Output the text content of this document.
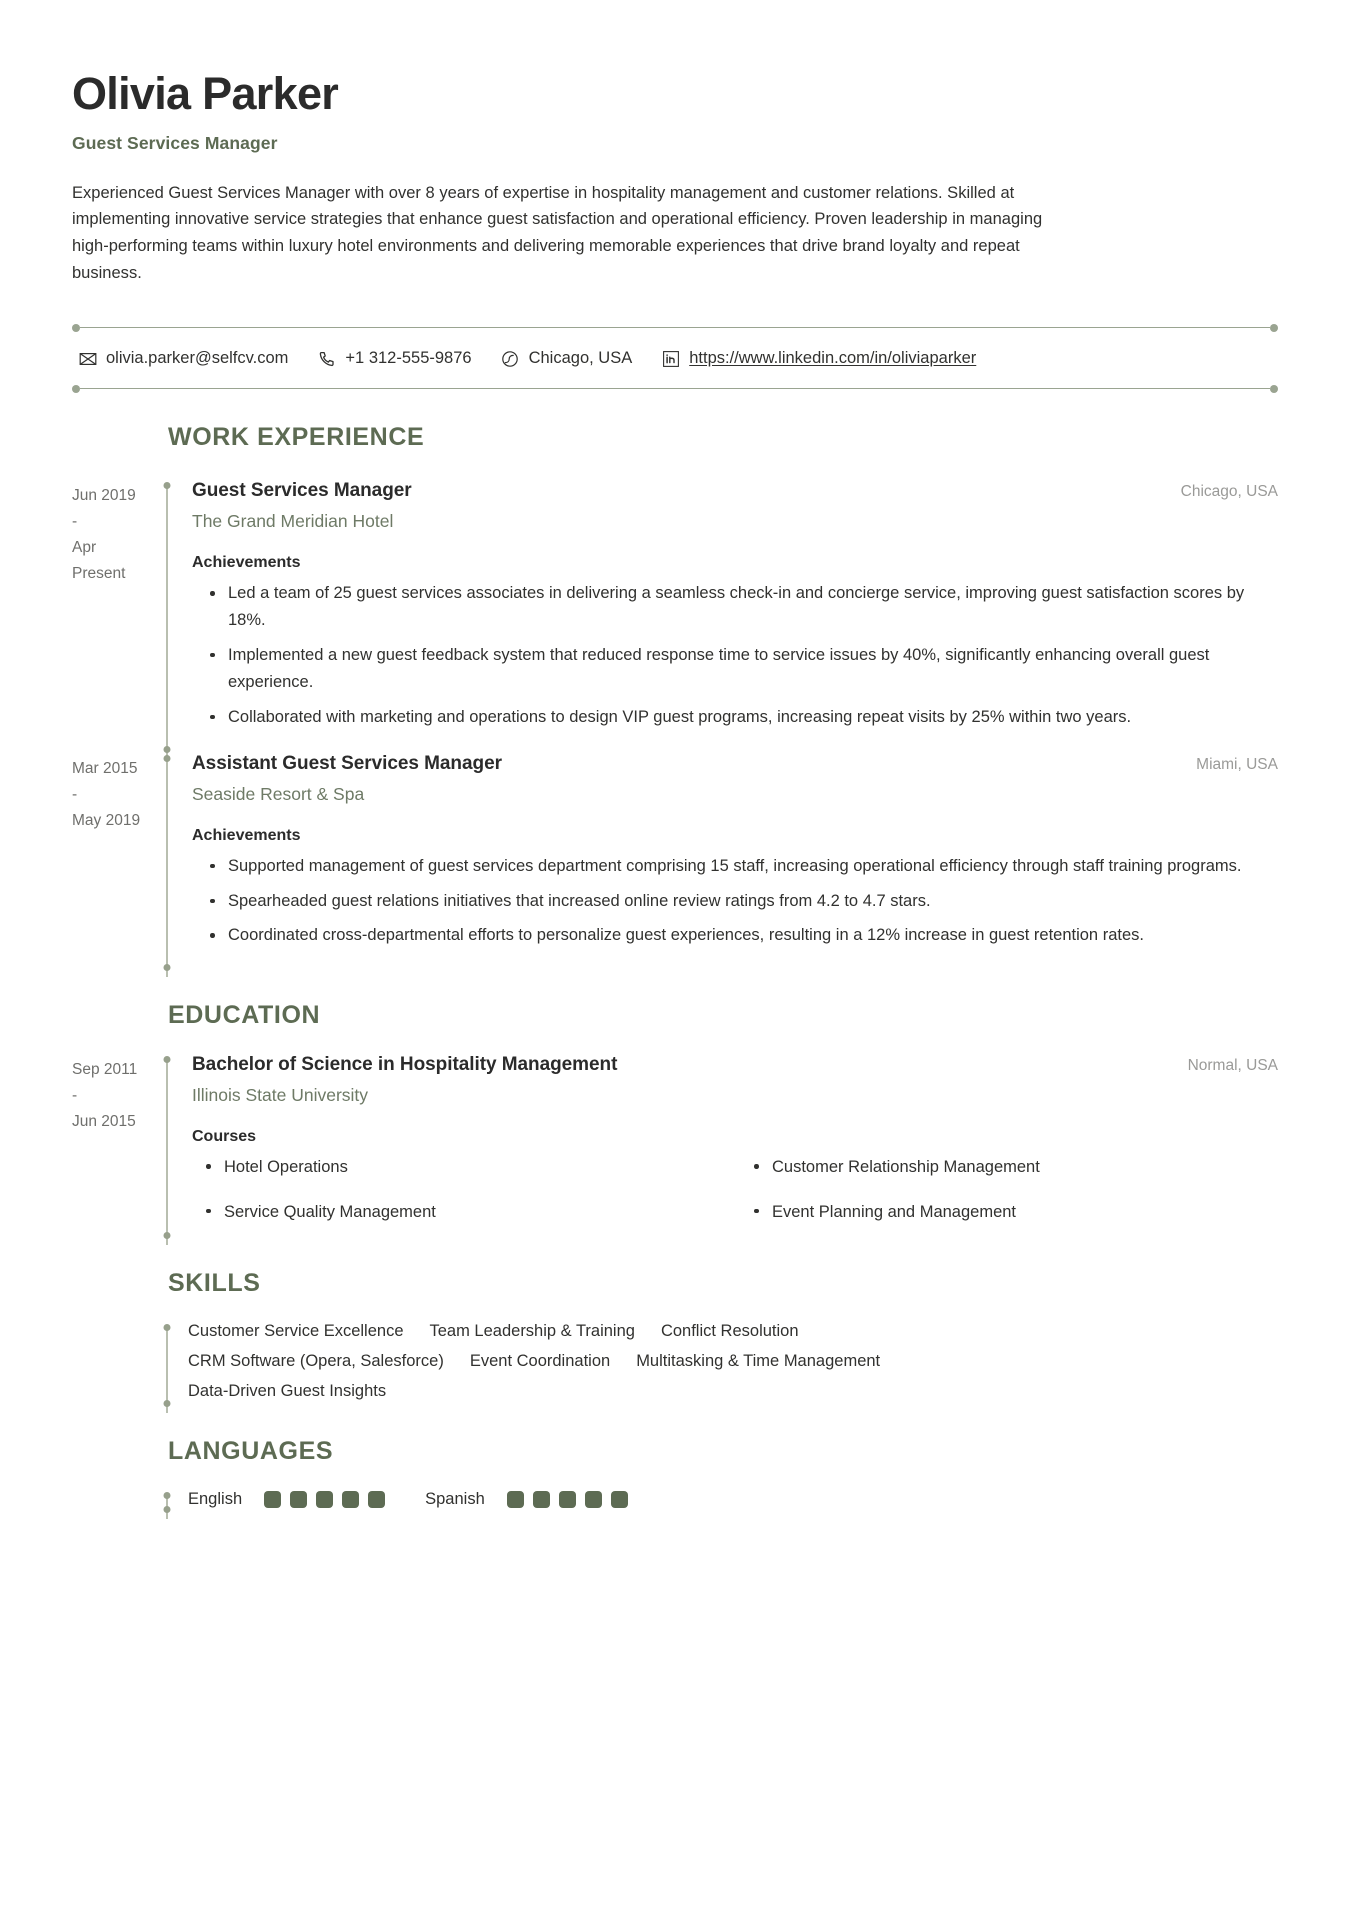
Olivia Parker
Guest Services Manager

Experienced Guest Services Manager with over 8 years of expertise in hospitality management and customer relations. Skilled at implementing innovative service strategies that enhance guest satisfaction and operational efficiency. Proven leadership in managing high-performing teams within luxury hotel environments and delivering memorable experiences that drive brand loyalty and repeat business.

olivia.parker@selfcv.com	+1 312-555-9876	Chicago, USA	https://www.linkedin.com/in/oliviaparker
WORK EXPERIENCE
Jun 2019
-
Apr
Present
Guest Services Manager	Chicago, USA
The Grand Meridian Hotel
Achievements
Led a team of 25 guest services associates in delivering a seamless check-in and concierge service, improving guest satisfaction scores by 18%.
Implemented a new guest feedback system that reduced response time to service issues by 40%, significantly enhancing overall guest experience.
Collaborated with marketing and operations to design VIP guest programs, increasing repeat visits by 25% within two years.
Mar 2015
-
May 2019
Assistant Guest Services Manager	Miami, USA
Seaside Resort & Spa
Achievements
Supported management of guest services department comprising 15 staff, increasing operational efficiency through staff training programs.
Spearheaded guest relations initiatives that increased online review ratings from 4.2 to 4.7 stars.
Coordinated cross-departmental efforts to personalize guest experiences, resulting in a 12% increase in guest retention rates.
EDUCATION
Sep 2011
-
Jun 2015
Bachelor of Science in Hospitality Management	Normal, USA
Illinois State University
Courses
Hotel Operations	Customer Relationship Management
Service Quality Management	Event Planning and Management
SKILLS
Customer Service Excellence Team Leadership & Training Conflict Resolution
CRM Software (Opera, Salesforce) Event Coordination Multitasking & Time Management
Data-Driven Guest Insights
LANGUAGES
English	Spanish
